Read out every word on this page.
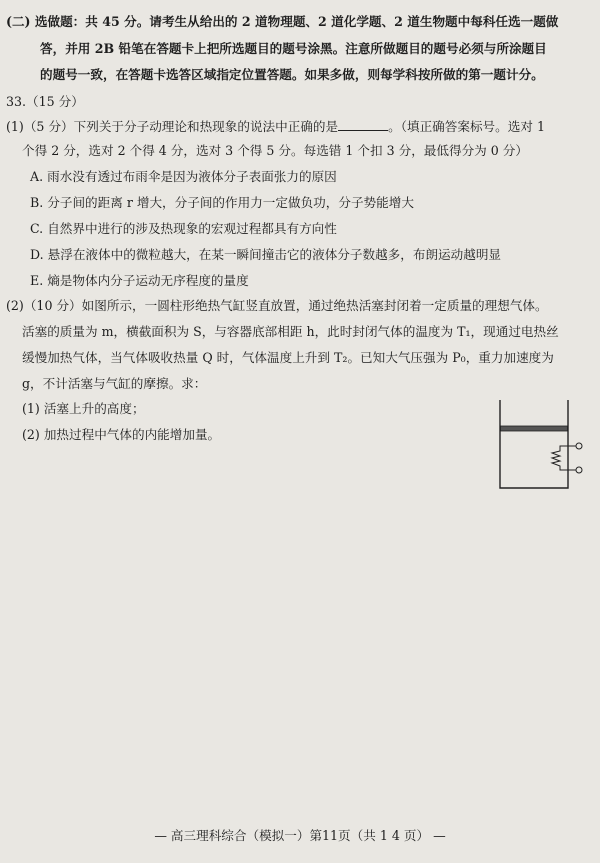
(二) 选做题：共 45 分。请考生从给出的 2 道物理题、2 道化学题、2 道生物题中每科任选一题做
答，并用 2B 铅笔在答题卡上把所选题目的题号涂黑。注意所做题目的题号必须与所涂题目
的题号一致，在答题卡选答区域指定位置答题。如果多做，则每学科按所做的第一题计分。
33.（15 分）
(1)（5 分）下列关于分子动理论和热现象的说法中正确的是	。（填正确答案标号。选对 1
个得 2 分，选对 2 个得 4 分，选对 3 个得 5 分。每选错 1 个扣 3 分，最低得分为 0 分）
A. 雨水没有透过布雨伞是因为液体分子表面张力的原因
B. 分子间的距离 r 增大，分子间的作用力一定做负功，分子势能增大
C. 自然界中进行的涉及热现象的宏观过程都具有方向性
D. 悬浮在液体中的微粒越大，在某一瞬间撞击它的液体分子数越多，布朗运动越明显
E. 熵是物体内分子运动无序程度的量度
(2)（10 分）如图所示，一圆柱形绝热气缸竖直放置，通过绝热活塞封闭着一定质量的理想气体。
活塞的质量为 m，横截面积为 S，与容器底部相距 h，此时封闭气体的温度为 T₁，现通过电热丝
缓慢加热气体，当气体吸收热量 Q 时，气体温度上升到 T₂。已知大气压强为 P₀，重力加速度为
g，不计活塞与气缸的摩擦。求：
(1) 活塞上升的高度；
(2) 加热过程中气体的内能增加量。
— 高三理科综合（模拟一）第11页（共 1 4 页） —
